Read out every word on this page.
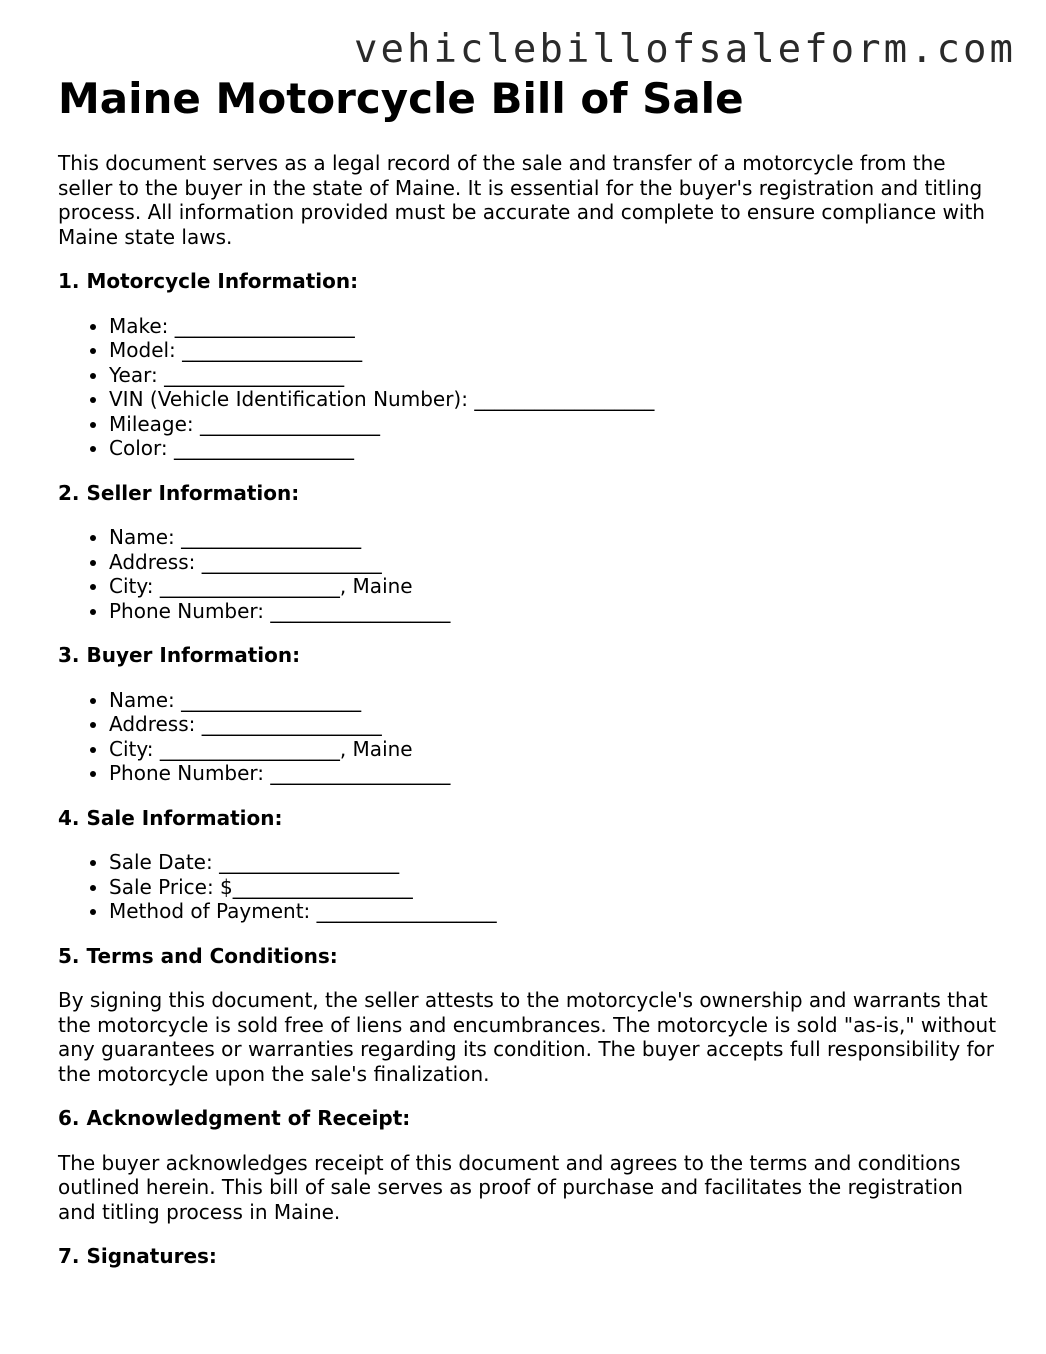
vehiclebillofsaleform.com
Maine Motorcycle Bill of Sale

This document serves as a legal record of the sale and transfer of a motorcycle from the seller to the buyer in the state of Maine. It is essential for the buyer's registration and titling process. All information provided must be accurate and complete to ensure compliance with Maine state laws.

1. Motorcycle Information:
• Make: __________________
• Model: __________________
• Year: __________________
• VIN (Vehicle Identification Number): __________________
• Mileage: __________________
• Color: __________________
2. Seller Information:
• Name: __________________
• Address: __________________
• City: __________________, Maine
• Phone Number: __________________
3. Buyer Information:
• Name: __________________
• Address: __________________
• City: __________________, Maine
• Phone Number: __________________
4. Sale Information:
• Sale Date: __________________
• Sale Price: $__________________
• Method of Payment: __________________
5. Terms and Conditions:

By signing this document, the seller attests to the motorcycle's ownership and warrants that the motorcycle is sold free of liens and encumbrances. The motorcycle is sold "as-is," without any guarantees or warranties regarding its condition. The buyer accepts full responsibility for the motorcycle upon the sale's finalization.

6. Acknowledgment of Receipt:

The buyer acknowledges receipt of this document and agrees to the terms and conditions outlined herein. This bill of sale serves as proof of purchase and facilitates the registration and titling process in Maine.

7. Signatures:
